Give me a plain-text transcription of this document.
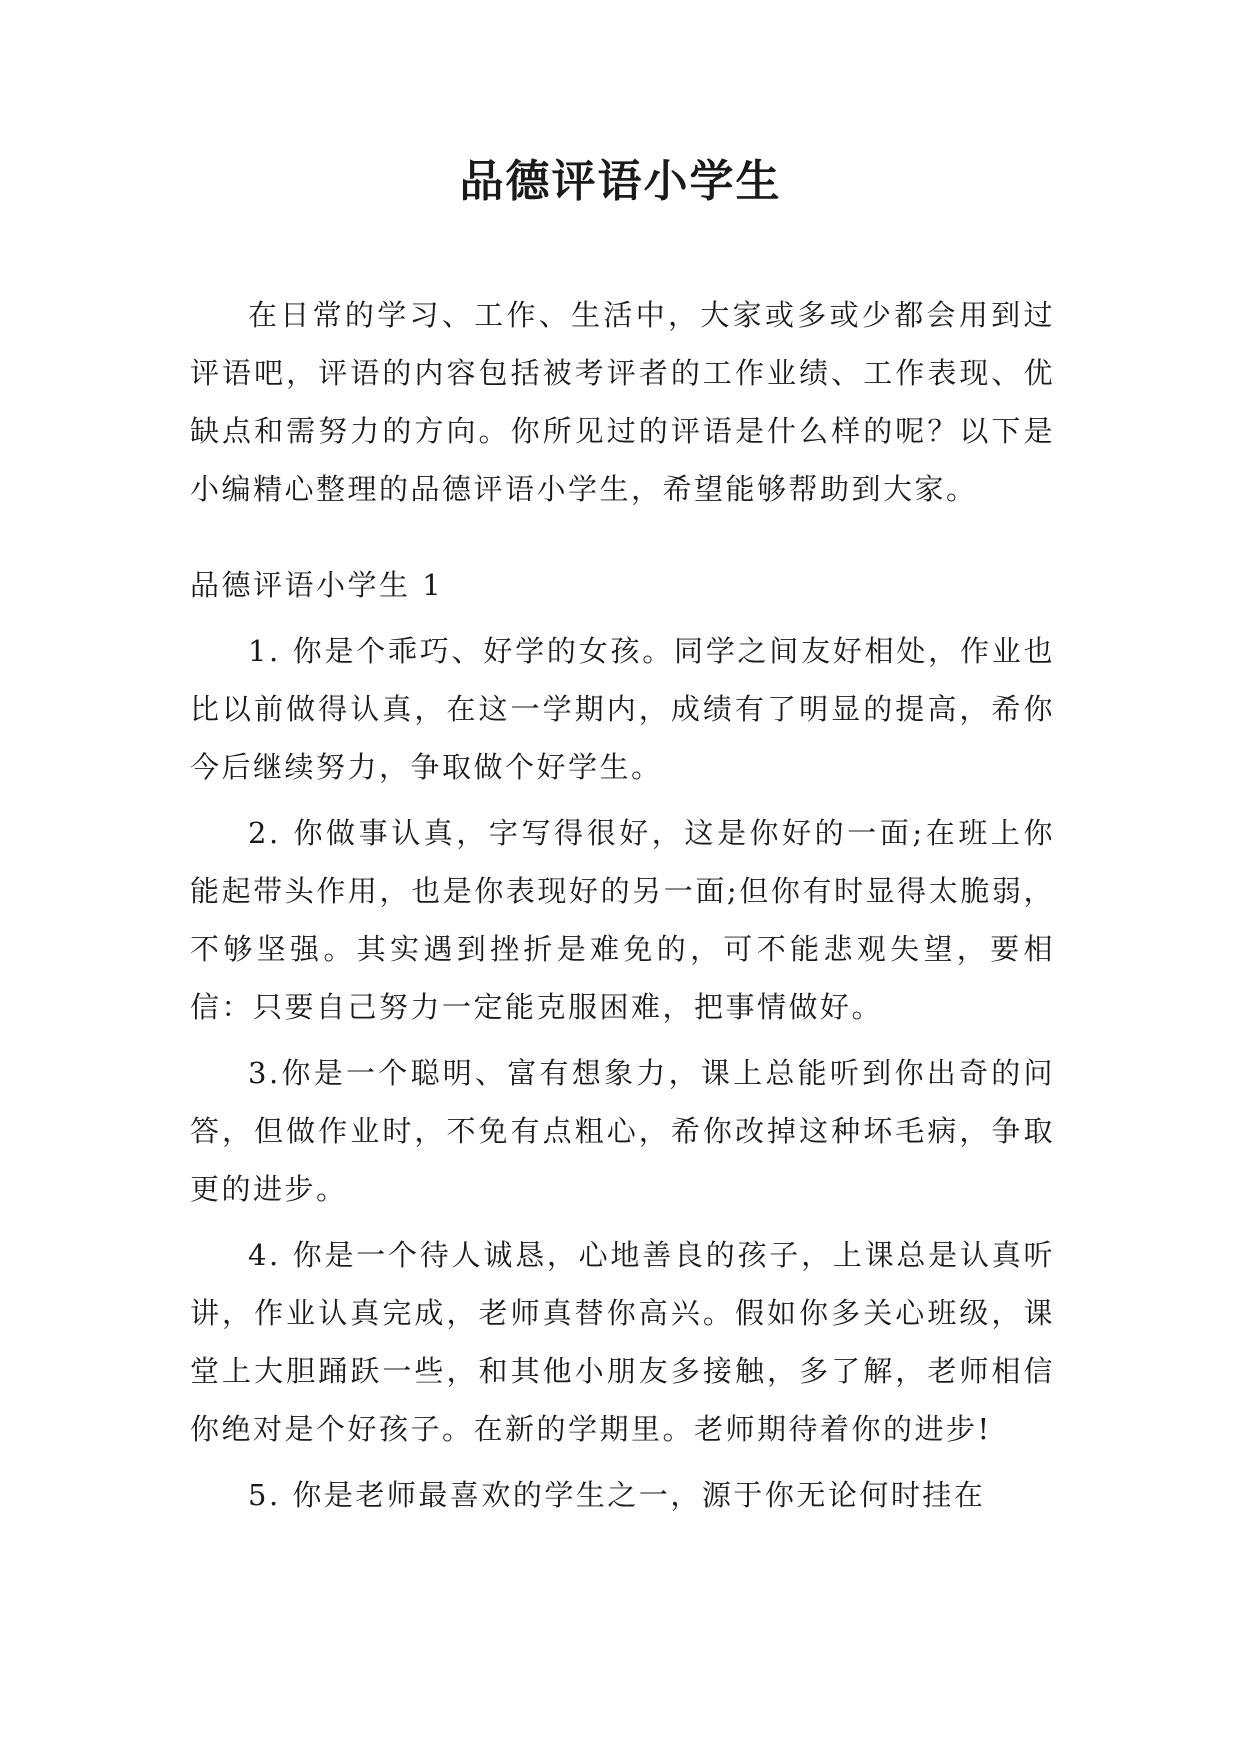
品德评语小学生

在日常的学习、工作、生活中，大家或多或少都会用到过评语吧，评语的内容包括被考评者的工作业绩、工作表现、优缺点和需努力的方向。你所见过的评语是什么样的呢？以下是小编精心整理的品德评语小学生，希望能够帮助到大家。

品德评语小学生 1

1. 你是个乖巧、好学的女孩。同学之间友好相处，作业也比以前做得认真，在这一学期内，成绩有了明显的提高，希你今后继续努力，争取做个好学生。

2. 你做事认真，字写得很好，这是你好的一面;在班上你能起带头作用，也是你表现好的另一面;但你有时显得太脆弱，不够坚强。其实遇到挫折是难免的，可不能悲观失望，要相信：只要自己努力一定能克服困难，把事情做好。

3.你是一个聪明、富有想象力，课上总能听到你出奇的问答，但做作业时，不免有点粗心，希你改掉这种坏毛病，争取更的进步。

4. 你是一个待人诚恳，心地善良的孩子，上课总是认真听讲，作业认真完成，老师真替你高兴。假如你多关心班级，课堂上大胆踊跃一些，和其他小朋友多接触，多了解，老师相信你绝对是个好孩子。在新的学期里。老师期待着你的进步!

5. 你是老师最喜欢的学生之一，源于你无论何时挂在
